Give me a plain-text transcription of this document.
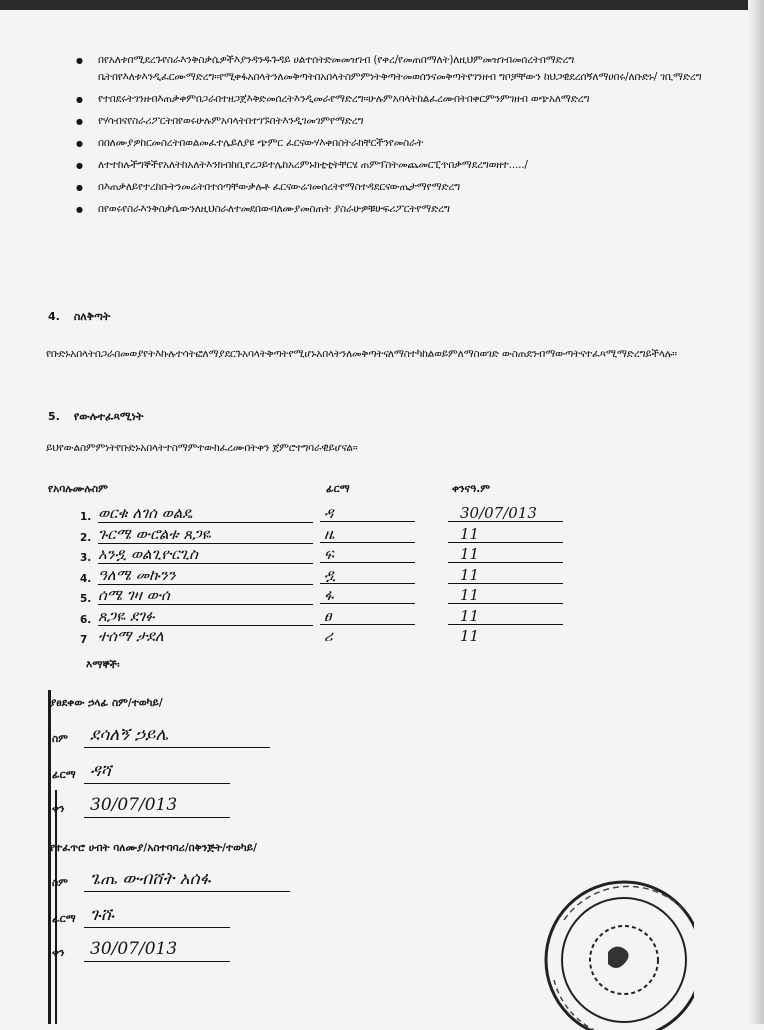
● በየአለቱበሚደረጉየስራእንቅስቃሴዎችእያንዳንዱጉዳይ ሀልተሰትድመመዝገብ (የቀረ/የመጠበማለት)ለዚህምመዝገብመሰረትበማድረግ ቤትበየእለቱእንዲፈርሙማድረግ።የሚቀፋአበላትንለመቅጣትበአበላትስምምነትቅጣትመወሰንናመቅጣትየገንዘብ ግቦቻቸውን ከህጋዊደረሰኝለማሀበሩ/ለቡድኑ/ ገቢማድረግ
● የተበደሩትገንዘብእጠቃቀምበጋራበተዘጋጀእቅድመሰረትእንዲመራየማድረግ።ሁሉምአባላትከልፈረሙበትበቀርምንምገዘብ ወጭአለማድረግ
● የሃሳብናየስራሪፖርትበየወሩሁሉምአባላትበተገኙበትእንዲገመገምየማድረግ
● በበለሙያዎከርመስረትበወልመፈተሌይለያዩ ጭምር ፈርናውሃእቀበስትራክቸርችንየመስራት
● ለተተከሉችግኞችየአለትከአለትእንክብከቢየረጋይተሌከአረምኑክቲቲትቸርሄ ጠምፕስትመጨመርፒጥበቃማደረግወዘተ...../
● በእጠቃለይየተረከቡትንመሬትበተሰጣቸውቃሉቶ ፈርናውሬገመሰረትየማስተዳደርናውጤታማየማድረግ
● በየወሩየስራእንቅስቃሴውንለዚህስራለተመደበውባለሙያመስጠት ያስራሁዎቹሁፍሪፖርትየማድረግ
4. ስለቅጣት
የቡድኑአበላትበጋራበመወያየትእኩሉተሳትፎለማያደርጉአባላትቅጣትየሚሆኑአበላትንለመቅጣትናለማስተካከልወይምለማስወገድ ውስጠደንብማውጣትናተፈጻሚማድረግይችላሉ።
5. የውሉተፈጻሚነት
ይህየውልስምምነትየቡድኑአበላትተስማምተውከፈረሙበትቀን ጀምሮተግባራዊይሆናል።
የአባሉሙሉስም	ፊርማ	ቀንናዓ.ም
1. ወርቁ ለገሰ ወልዴ	ዳ	30/07/013
2. ጉርሜ ውሮልቱ ጸጋዬ	ዜ	11
3. አንዷ ወልጊዮርጊስ	ፍ	11
4. ዓለሜ መኩንን	ዷ	11
5. ሰሜ ገዛ ውሰ	ፋ	11
6. ጸጋዬ ደገፉ	ፀ	11
7 ተሰማ ታደለ	ሪ	11
እማኞች፡
ያፀደቀው ኃላፊ ስም/ተወካይ/
ስም	ደሳለኝ ኃይሌ
ፊርማ ዳሻ
ቀን	30/07/013
የተፈጥሮ ሀብት ባለሙያ/አስተባባሪ/በቅንጅት/ተወካይ/
ስም	ጌጤ ውብሸት አሰፋ
ፊርማ ጉሹ
ቀን	30/07/013
